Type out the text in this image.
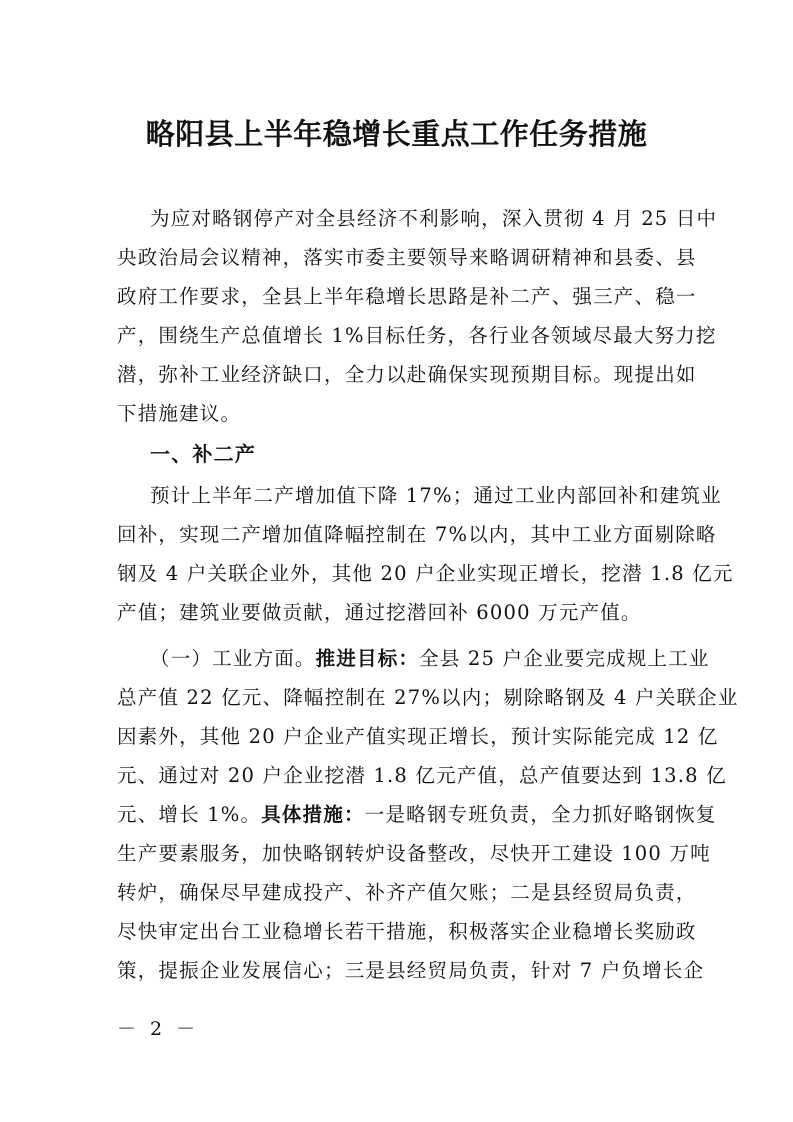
略阳县上半年稳增长重点工作任务措施

为应对略钢停产对全县经济不利影响，深入贯彻 4 月 25 日中

央政治局会议精神，落实市委主要领导来略调研精神和县委、县

政府工作要求，全县上半年稳增长思路是补二产、强三产、稳一

产，围绕生产总值增长 1%目标任务，各行业各领域尽最大努力挖

潜，弥补工业经济缺口，全力以赴确保实现预期目标。现提出如

下措施建议。

一、补二产

预计上半年二产增加值下降 17%；通过工业内部回补和建筑业

回补，实现二产增加值降幅控制在 7%以内，其中工业方面剔除略

钢及 4 户关联企业外，其他 20 户企业实现正增长，挖潜 1.8 亿元

产值；建筑业要做贡献，通过挖潜回补 6000 万元产值。

（一）工业方面。推进目标：全县 25 户企业要完成规上工业

总产值 22 亿元、降幅控制在 27%以内；剔除略钢及 4 户关联企业

因素外，其他 20 户企业产值实现正增长，预计实际能完成 12 亿

元、通过对 20 户企业挖潜 1.8 亿元产值，总产值要达到 13.8 亿

元、增长 1%。具体措施：一是略钢专班负责，全力抓好略钢恢复

生产要素服务，加快略钢转炉设备整改，尽快开工建设 100 万吨

转炉，确保尽早建成投产、补齐产值欠账；二是县经贸局负责，

尽快审定出台工业稳增长若干措施，积极落实企业稳增长奖励政

策，提振企业发展信心；三是县经贸局负责，针对 7 户负增长企

－ 2 －
